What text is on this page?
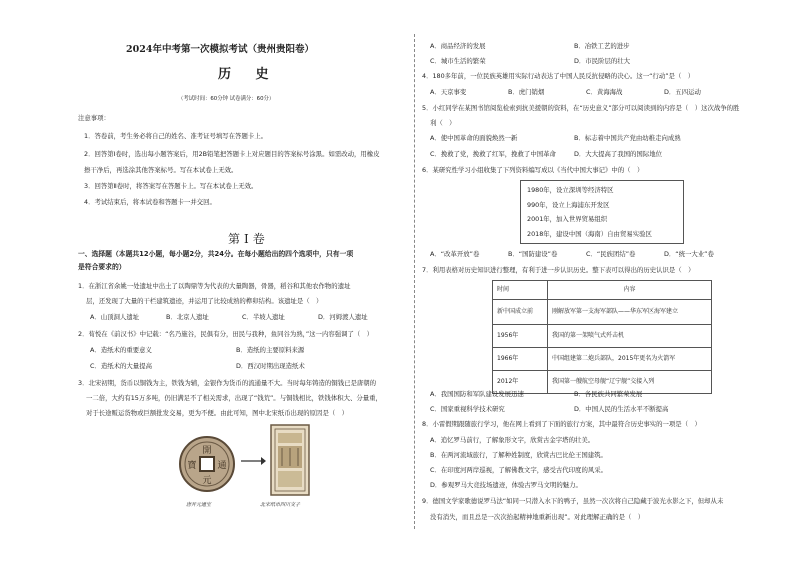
2024年中考第一次模拟考试（贵州贵阳卷）
历 史
（考试时间：60分钟 试卷满分：60分）
注意事项：
1．答卷前，考生务必将自己的姓名、准考证号填写在答题卡上。
2．回答第Ⅰ卷时，选出每小题答案后，用2B铅笔把答题卡上对应题目的答案标号涂黑。如需改动，用橡皮
擦干净后，再选涂其他答案标号。写在本试卷上无效。
3．回答第Ⅱ卷时，将答案写在答题卡上。写在本试卷上无效。
4．考试结束后，将本试卷和答题卡一并交回。
第Ⅰ卷
一、选择题（本题共12小题，每小题2分，共24分。在每小题给出的四个选项中，只有一项
是符合要求的）
1．在浙江省余姚一处遗址中出土了以陶鼎等为代表的大量陶器，骨器，稻谷和其他农作物的遗址
层，还发现了大量的干栏建筑遗迹，并运用了比较成熟的榫卯结构。该遗址是（　）
A．山顶洞人遗址	B．北京人遗址	C．半坡人遗址	D．河姆渡人遗址
2．荀悦在《前汉书》中记载：“名乃施谷，民俱有分，田民与我种，鱼同谷为熟，”这一内容强调了（　）
A．造纸术的重要意义	B．造纸的主要原料来源
C．造纸术的大量提高	D．西汉时期出现造纸术
3．北宋初期，货币以铜钱为主，铁钱为辅，金银作为货币的流通量不大。当时每年铸造的铜钱已是唐朝的
一二倍，大约有15万多吨，仍旧满足不了相关需求，出现了“钱荒”。与铜钱相比，铁钱体积大、分量重，
对于长途贩运货物或巨额批发交易，更为不便。由此可知，图中北宋纸币出现的原因是（　）
開
元
寶 通
唐开元通宝	北宋纸币四川交子
A．商品经济的发展	B．冶铁工艺的进步
C．城市生活的繁荣	D．市民阶层的壮大
4．180多年前，一位民族英雄用实际行动表达了中国人民反抗侵略的决心。这一“行动”是（　）
A．天京事变	B．虎门销烟	C．黄海海战	D．五四运动
5．小红同学在某图书馆阅览检索到抗美援朝的资料，在“历史意义”部分可以阅读到的内容是（　）这次战争的胜
利（　）
A．使中国革命的面貌焕然一新	B．标志着中国共产党由幼稚走向成熟
C．挽救了党，挽救了红军，挽救了中国革命	D．大大提高了我国的国际地位
6．某研究性学习小组收集了下列资料编写成以《当代中国大事记》中的（　）
1980年，设立深圳等经济特区
990年，设立上海浦东开发区
2001年，加入世界贸易组织
2018年，建设中国（海南）自由贸易实验区
A．“改革开放”卷	B．“国防建设”卷	C．“民族团结”卷	D．“统一大业”卷
7．利用表格对历史知识进行整理，有利于进一步认识历史。整下表可以得出的历史认识是（　）
时间	内容
新中国成立前	刚解放军第一支海军部队——华东军区海军建立
1956年	我国的第一架喷气式歼击机
1966年	中国组建第二炮兵部队，2015年更名为火箭军
2012年	我国第一艘航空母舰“辽宁舰”交接入列
A．我国国防和军队建设发展迅速	B．各民族共同繁荣发展
C．国家重视科学技术研究	D．中国人民的生活水平不断提高
8．小雷假期跟随旅行学习，他在网上看到了下面的旅行方案，其中最符合历史事实的一项是（　）
A．追忆罗马前行，了解象形文字，欣赏古金字塔的壮美。
B．在两河流域旅行，了解种姓制度，欣赏古巴比伦王国建筑。
C．在印度河两岸巡视，了解佛教文字，感受古代印度的风采。
D．参观罗马大竞技场遗迹，体验古罗马文明的魅力。
9．德国文学家歌德说罗马法“如同一只潜入水下的鸭子，虽然一次次将自己隐藏于波光水影之下，但却从未
没有消失，而且总是一次次抬起精神地重新出现”。对此理解正确的是（　）
